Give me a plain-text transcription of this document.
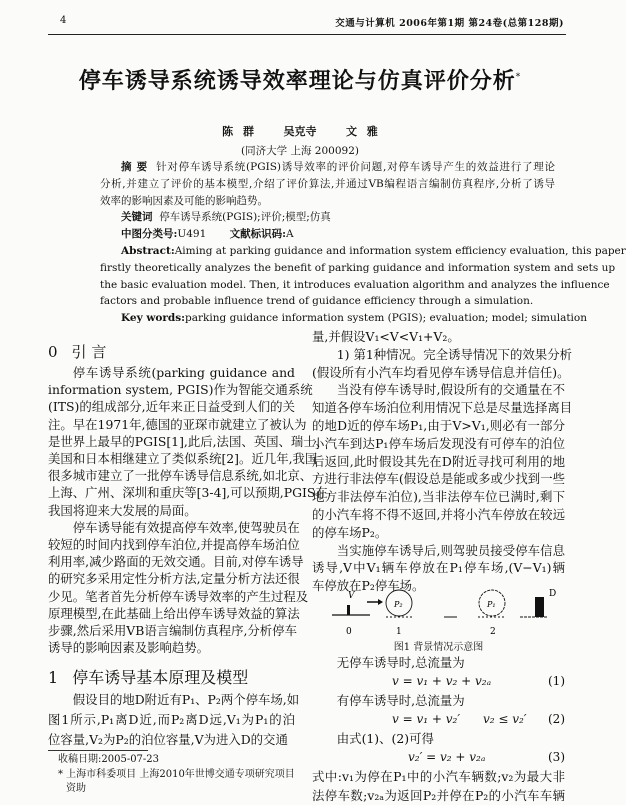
4	交通与计算机 2006年第1期 第24卷(总第128期)
停车诱导系统诱导效率理论与仿真评价分析*
陈 群   吴克寺   文 雅
(同济大学 上海 200092)
摘 要 针对停车诱导系统(PGIS)诱导效率的评价问题,对停车诱导产生的效益进行了理论
分析,并建立了评价的基本模型,介绍了评价算法,并通过VB编程语言编制仿真程序,分析了诱导
效率的影响因素及可能的影响趋势。
关键词 停车诱导系统(PGIS);评价;模型;仿真
中图分类号:U491 文献标识码:A
Abstract:Aiming at parking guidance and information system efficiency evaluation, this paper
firstly theoretically analyzes the benefit of parking guidance and information system and sets up
the basic evaluation model. Then, it introduces evaluation algorithm and analyzes the influence
factors and probable influence trend of guidance efficiency through a simulation.
Key words:parking guidance information system (PGIS); evaluation; model; simulation
0 引 言
停车诱导系统(parking guidance and
information system, PGIS)作为智能交通系统
(ITS)的组成部分,近年来正日益受到人们的关
注。早在1971年,德国的亚琛市就建立了被认为
是世界上最早的PGIS[1],此后,法国、英国、瑞士、
美国和日本相继建立了类似系统[2]。近几年,我国
很多城市建立了一批停车诱导信息系统,如北京、
上海、广州、深圳和重庆等[3-4],可以预期,PGIS在
我国将迎来大发展的局面。
停车诱导能有效提高停车效率,使驾驶员在
较短的时间内找到停车泊位,并提高停车场泊位
利用率,减少路面的无效交通。目前,对停车诱导
的研究多采用定性分析方法,定量分析方法还很
少见。笔者首先分析停车诱导效率的产生过程及
原理模型,在此基础上给出停车诱导效益的算法
步骤,然后采用VB语言编制仿真程序,分析停车
诱导的影响因素及影响趋势。
1 停车诱导基本原理及模型
假设目的地D附近有P₁、P₂两个停车场,如
图1所示,P₁离D近,而P₂离D远,V₁为P₁的泊
位容量,V₂为P₂的泊位容量,V为进入D的交通
收稿日期:2005-07-23
* 上海市科委项目 上海2010年世博交通专项研究项目
资助
量,并假设V₁<V<V₁+V₂。
1) 第1种情况。完全诱导情况下的效果分析
(假设所有小汽车均看见停车诱导信息并信任)。
当没有停车诱导时,假设所有的交通量在不
知道各停车场泊位利用情况下总是尽量选择离目
的地D近的停车场P₁,由于V>V₁,则必有一部分
小汽车到达P₁停车场后发现没有可停车的泊位
后返回,此时假设其先在D附近寻找可利用的地
方进行非法停车(假设总是能或多或少找到一些
地方非法停车泊位),当非法停车位已满时,剩下
的小汽车将不得不返回,并将小汽车停放在较远
的停车场P₂。
当实施停车诱导后,则驾驶员接受停车信息
诱导,V中V₁辆车停放在P₁停车场,(V−V₁)辆
车停放在P₂停车场。
V
P₂	P₁
D
0	1	2
图1 背景情况示意图
无停车诱导时,总流量为
v = v₁ + v₂ + v₂ₐ	(1)
有停车诱导时,总流量为
v = v₁ + v₂′      v₂ ≤ v₂′ (2)
由式(1)、(2)可得
v₂′ = v₂ + v₂ₐ	(3)
式中:v₁为停在P₁中的小汽车辆数;v₂为最大非
法停车数;v₂ₐ为返回P₂并停在P₂的小汽车车辆
